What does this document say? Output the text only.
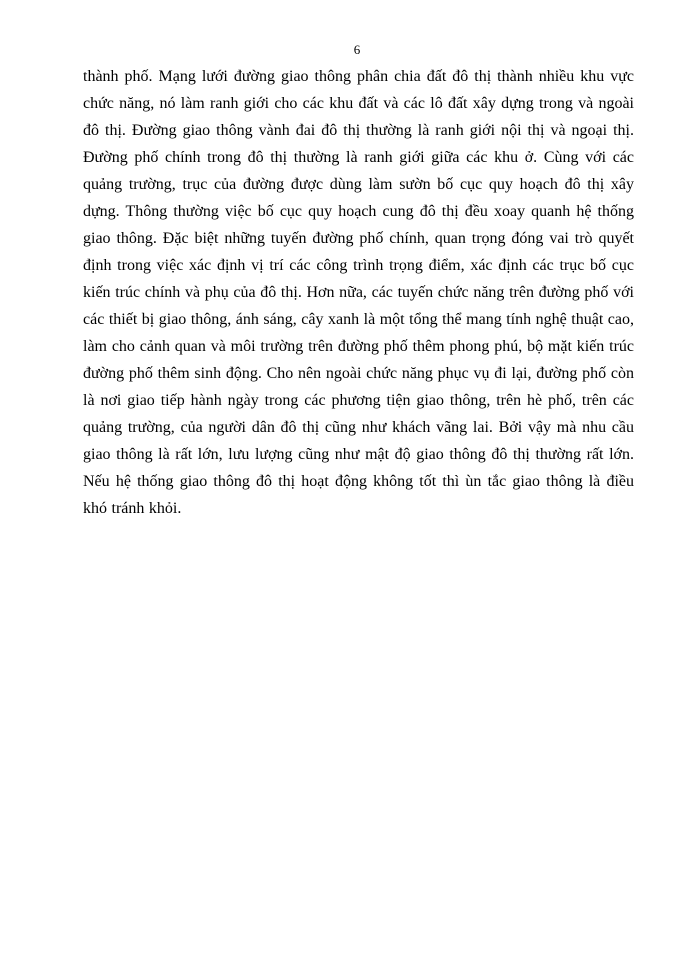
6

thành phố. Mạng lưới đường giao thông phân chia đất đô thị thành nhiều khu vực chức năng, nó làm ranh giới cho các khu đất và các lô đất xây dựng trong và ngoài đô thị. Đường giao thông vành đai đô thị thường là ranh giới nội thị và ngoại thị. Đường phố chính trong đô thị thường là ranh giới giữa các khu ở. Cùng với các quảng trường, trục của đường được dùng làm sườn bố cục quy hoạch đô thị xây dựng. Thông thường việc bố cục quy hoạch cung đô thị đều xoay quanh hệ thống giao thông. Đặc biệt những tuyến đường phố chính, quan trọng đóng vai trò quyết định trong việc xác định vị trí các công trình trọng điểm, xác định các trục bố cục kiến trúc chính và phụ của đô thị. Hơn nữa, các tuyến chức năng trên đường phố với các thiết bị giao thông, ánh sáng, cây xanh là một tổng thể mang tính nghệ thuật cao, làm cho cảnh quan và môi trường trên đường phố thêm phong phú, bộ mặt kiến trúc đường phố thêm sinh động. Cho nên ngoài chức năng phục vụ đi lại, đường phố còn là nơi giao tiếp hành ngày trong các phương tiện giao thông, trên hè phố, trên các quảng trường, của người dân đô thị cũng như khách vãng lai. Bởi vậy mà nhu cầu giao thông là rất lớn, lưu lượng cũng như mật độ giao thông đô thị thường rất lớn. Nếu hệ thống giao thông đô thị hoạt động không tốt thì ùn tắc giao thông là điều khó tránh khỏi.
